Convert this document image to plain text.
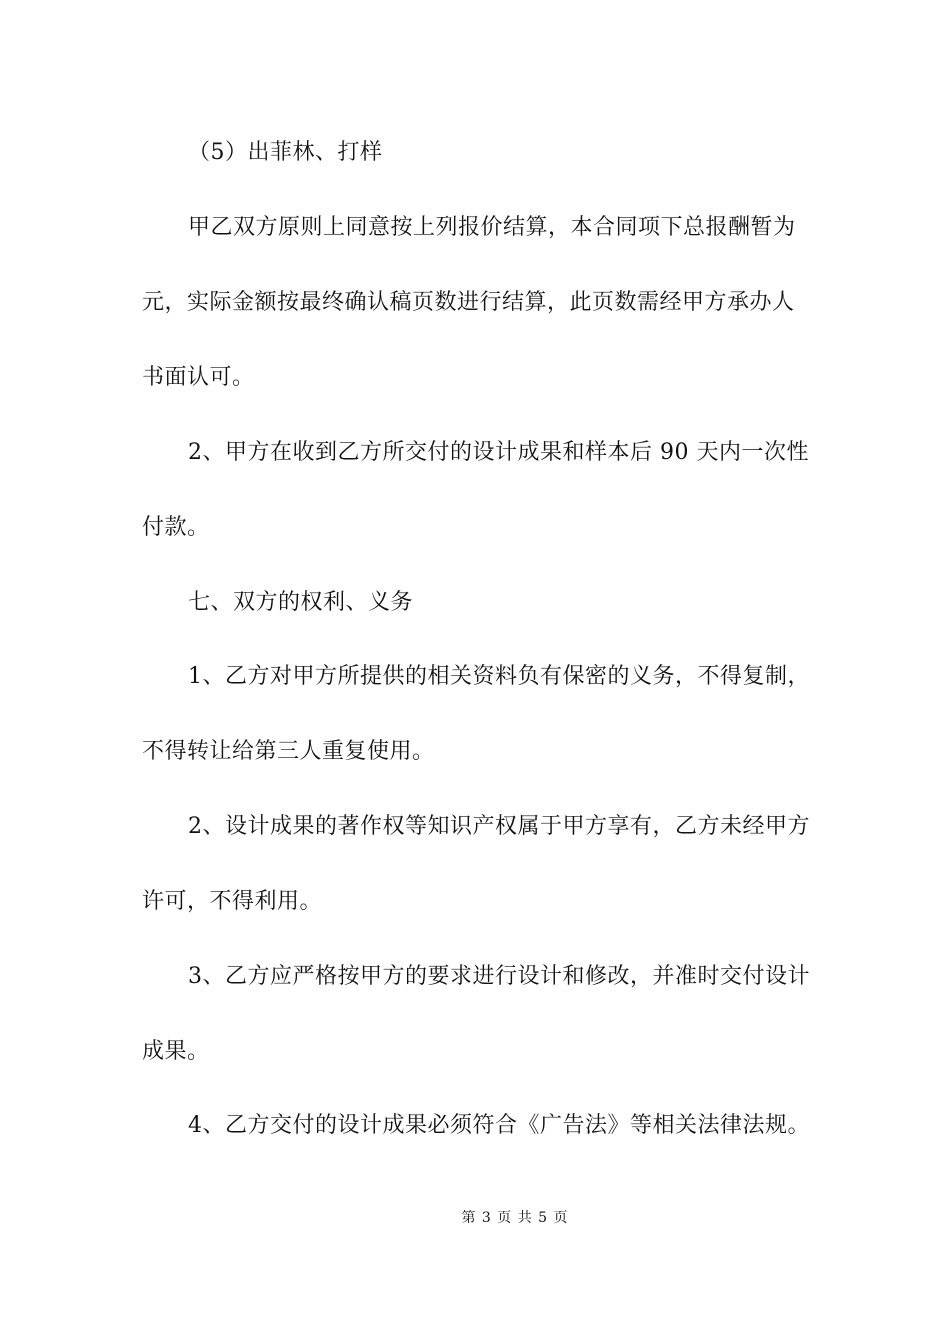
（5）出菲林、打样
甲乙双方原则上同意按上列报价结算，本合同项下总报酬暂为
元，实际金额按最终确认稿页数进行结算，此页数需经甲方承办人
书面认可。
2、甲方在收到乙方所交付的设计成果和样本后 90 天内一次性
付款。
七、双方的权利、义务
1、乙方对甲方所提供的相关资料负有保密的义务，不得复制，
不得转让给第三人重复使用。
2、设计成果的著作权等知识产权属于甲方享有，乙方未经甲方
许可，不得利用。
3、乙方应严格按甲方的要求进行设计和修改，并准时交付设计
成果。
4、乙方交付的设计成果必须符合《广告法》等相关法律法规。
第 3 页 共 5 页
